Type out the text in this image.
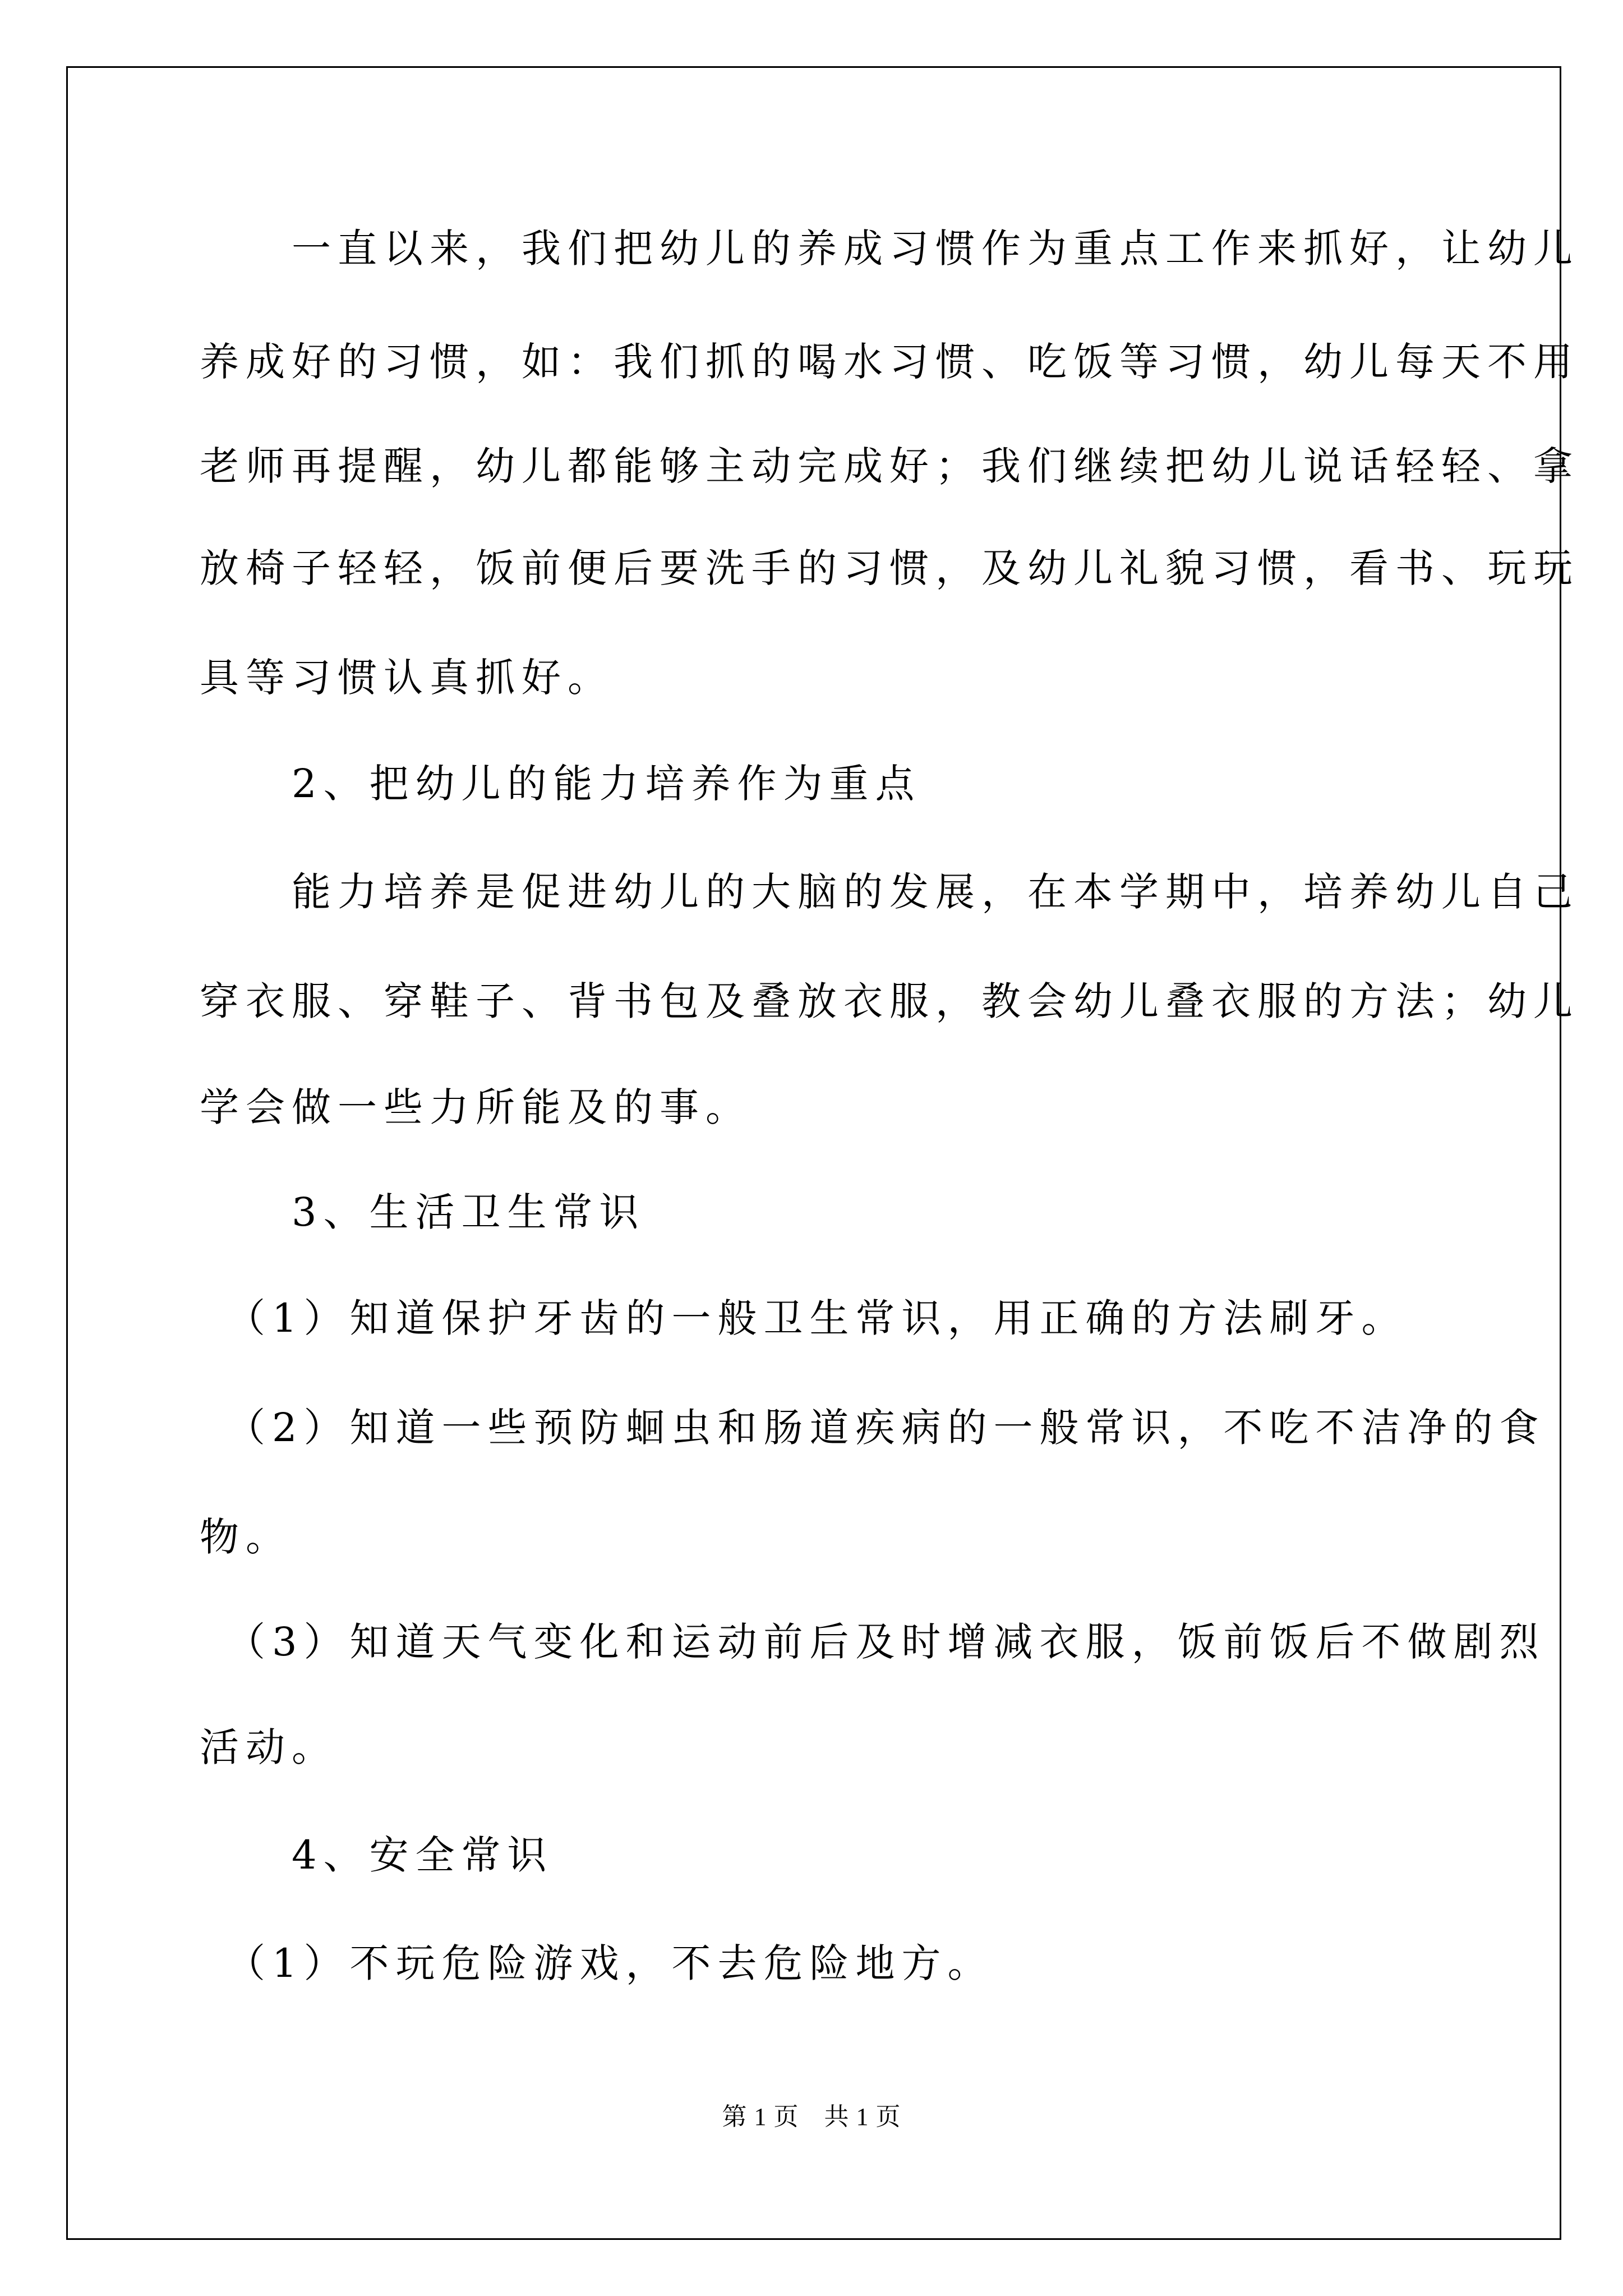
　　一直以来，我们把幼儿的养成习惯作为重点工作来抓好，让幼儿
养成好的习惯，如：我们抓的喝水习惯、吃饭等习惯，幼儿每天不用
老师再提醒，幼儿都能够主动完成好；我们继续把幼儿说话轻轻、拿
放椅子轻轻，饭前便后要洗手的习惯，及幼儿礼貌习惯，看书、玩玩
具等习惯认真抓好。
　　2、把幼儿的能力培养作为重点
　　能力培养是促进幼儿的大脑的发展，在本学期中，培养幼儿自己
穿衣服、穿鞋子、背书包及叠放衣服，教会幼儿叠衣服的方法；幼儿
学会做一些力所能及的事。
　　3、生活卫生常识
　（1）知道保护牙齿的一般卫生常识，用正确的方法刷牙。
　（2）知道一些预防蛔虫和肠道疾病的一般常识，不吃不洁净的食
物。
　（3）知道天气变化和运动前后及时增减衣服，饭前饭后不做剧烈
活动。
　　4、安全常识
　（1）不玩危险游戏，不去危险地方。
第 1 页　共 1 页
